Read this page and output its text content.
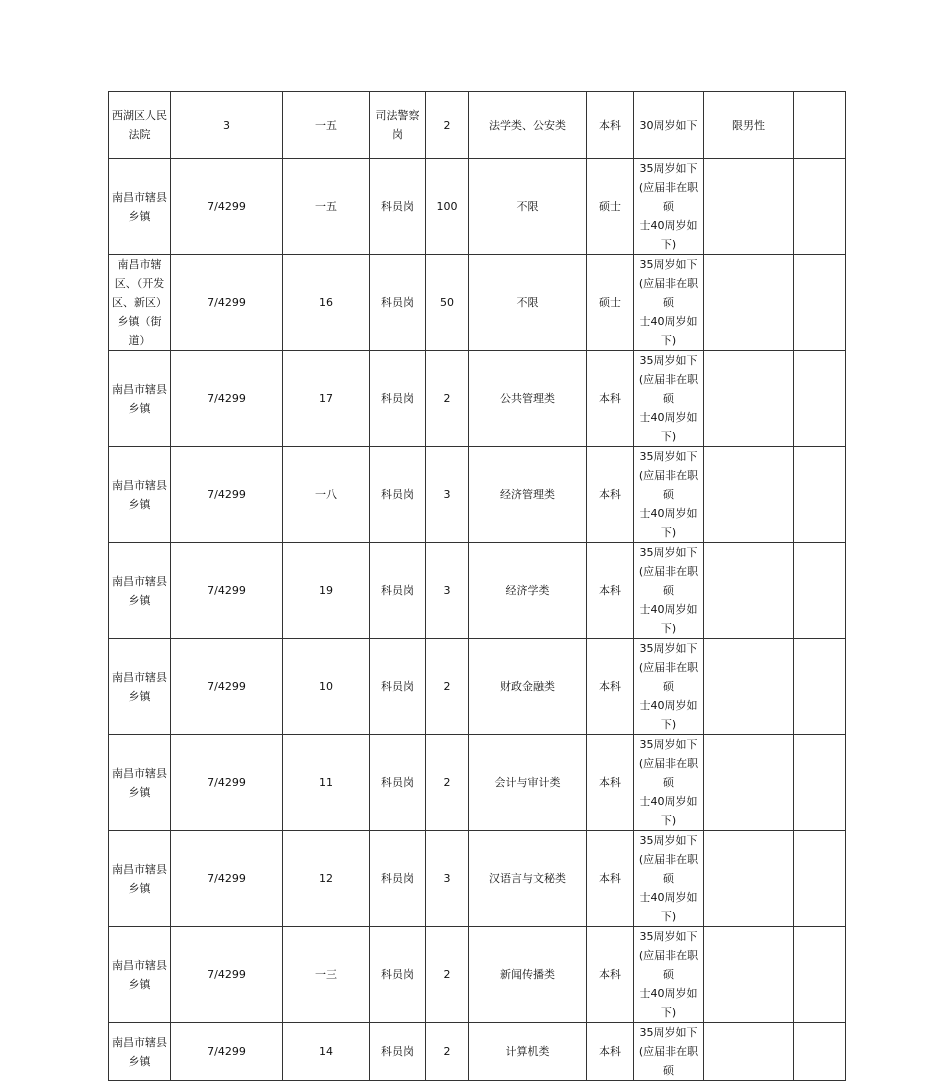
西湖区人民
法院	3	一五	司法警察岗	2	法学类、公安类	本科	30周岁如下	限男性	

南昌市辖县
乡镇	7/4299	一五	科员岗	100	不限	硕士	35周岁如下
(应届非在职硕
士40周岁如
下)		

南昌市辖
区、（开发
区、新区）
乡镇（街
道）	7/4299	16	科员岗	50	不限	硕士	35周岁如下
(应届非在职硕
士40周岁如
下)		

南昌市辖县
乡镇	7/4299	17	科员岗	2	公共管理类	本科	35周岁如下
(应届非在职硕
士40周岁如
下)		

南昌市辖县
乡镇	7/4299	一八	科员岗	3	经济管理类	本科	35周岁如下
(应届非在职硕
士40周岁如
下)		

南昌市辖县
乡镇	7/4299	19	科员岗	3	经济学类	本科	35周岁如下
(应届非在职硕
士40周岁如
下)		

南昌市辖县
乡镇	7/4299	10	科员岗	2	财政金融类	本科	35周岁如下
(应届非在职硕
士40周岁如
下)		

南昌市辖县
乡镇	7/4299	11	科员岗	2	会计与审计类	本科	35周岁如下
(应届非在职硕
士40周岁如
下)		

南昌市辖县
乡镇	7/4299	12	科员岗	3	汉语言与文秘类	本科	35周岁如下
(应届非在职硕
士40周岁如
下)		

南昌市辖县
乡镇	7/4299	一三	科员岗	2	新闻传播类	本科	35周岁如下
(应届非在职硕
士40周岁如
下)		

南昌市辖县
乡镇	7/4299	14	科员岗	2	计算机类	本科	35周岁如下
(应届非在职硕		
